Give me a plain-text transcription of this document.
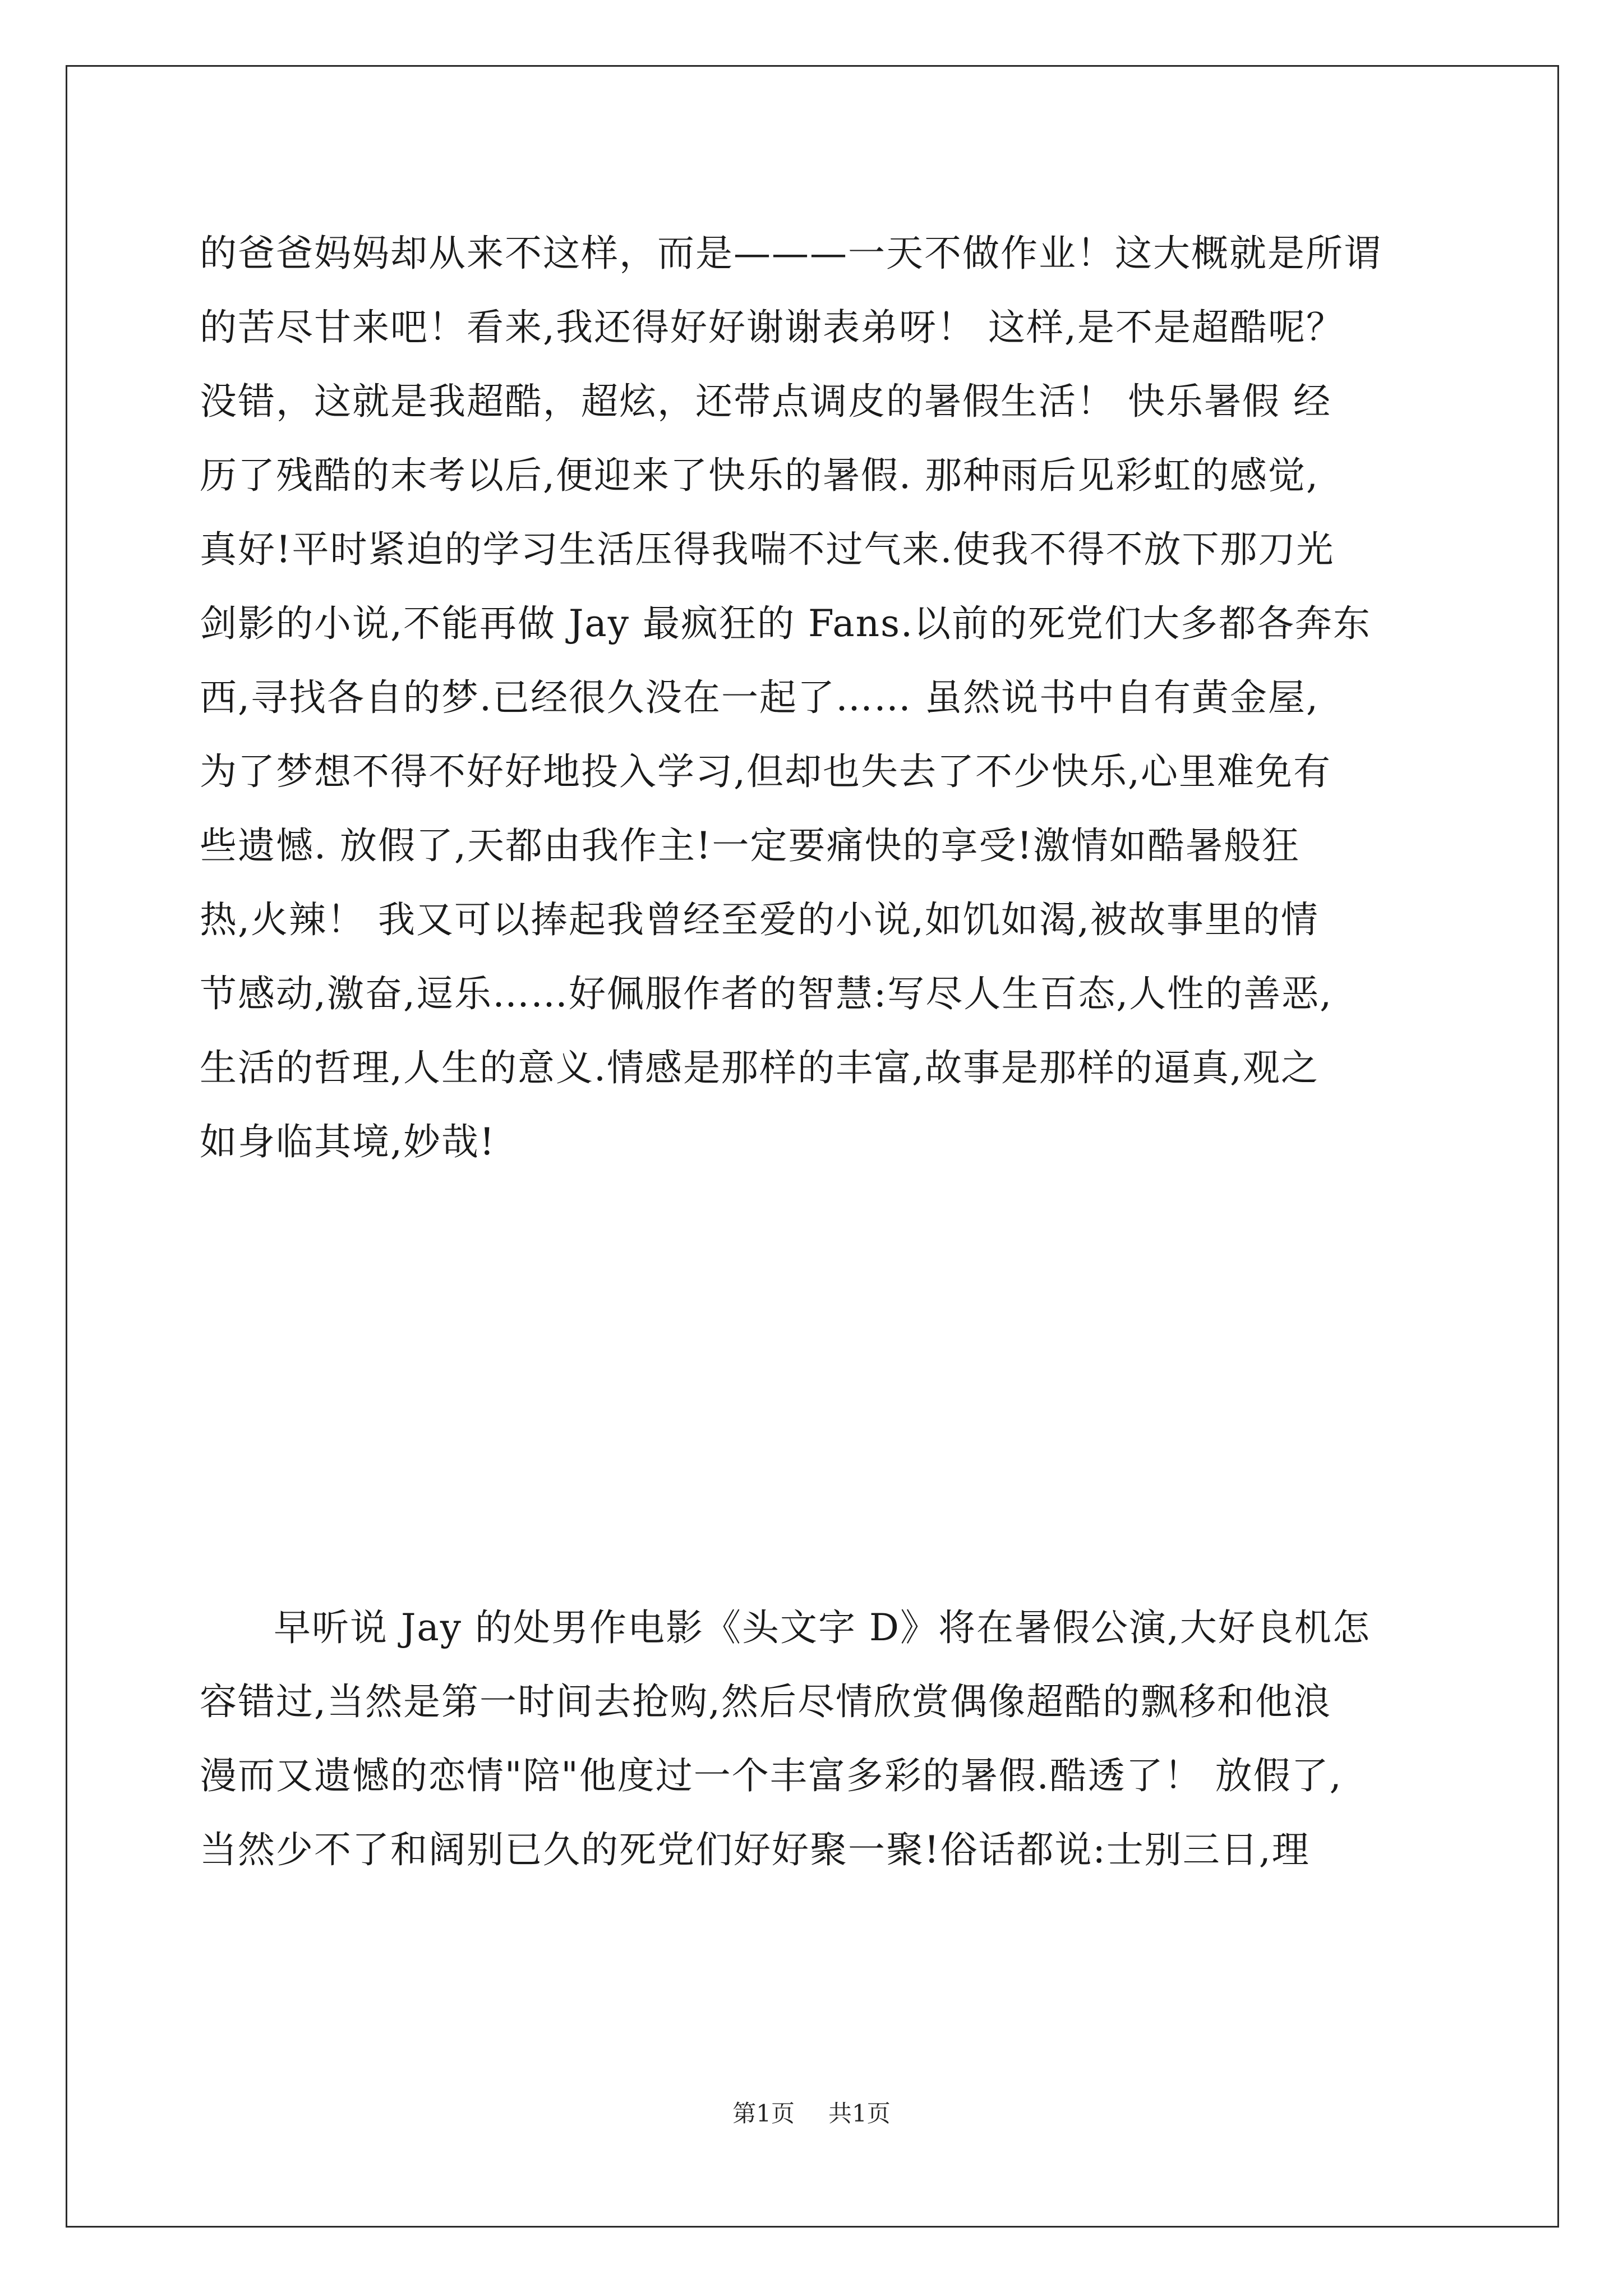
的爸爸妈妈却从来不这样，而是———一天不做作业！这大概就是所谓
的苦尽甘来吧！看来,我还得好好谢谢表弟呀！ 这样,是不是超酷呢？
没错，这就是我超酷，超炫，还带点调皮的暑假生活！ 快乐暑假 经
历了残酷的末考以后,便迎来了快乐的暑假. 那种雨后见彩虹的感觉,
真好!平时紧迫的学习生活压得我喘不过气来.使我不得不放下那刀光
剑影的小说,不能再做 Jay 最疯狂的 Fans.以前的死党们大多都各奔东
西,寻找各自的梦.已经很久没在一起了…… 虽然说书中自有黄金屋,
为了梦想不得不好好地投入学习,但却也失去了不少快乐,心里难免有
些遗憾. 放假了,天都由我作主!一定要痛快的享受!激情如酷暑般狂
热,火辣！ 我又可以捧起我曾经至爱的小说,如饥如渴,被故事里的情
节感动,激奋,逗乐……好佩服作者的智慧:写尽人生百态,人性的善恶,
生活的哲理,人生的意义.情感是那样的丰富,故事是那样的逼真,观之
如身临其境,妙哉!
早听说 Jay 的处男作电影《头文字 D》将在暑假公演,大好良机怎
容错过,当然是第一时间去抢购,然后尽情欣赏偶像超酷的飘移和他浪
漫而又遗憾的恋情"陪"他度过一个丰富多彩的暑假.酷透了！ 放假了,
当然少不了和阔别已久的死党们好好聚一聚!俗话都说:士别三日,理
第1页 共1页
